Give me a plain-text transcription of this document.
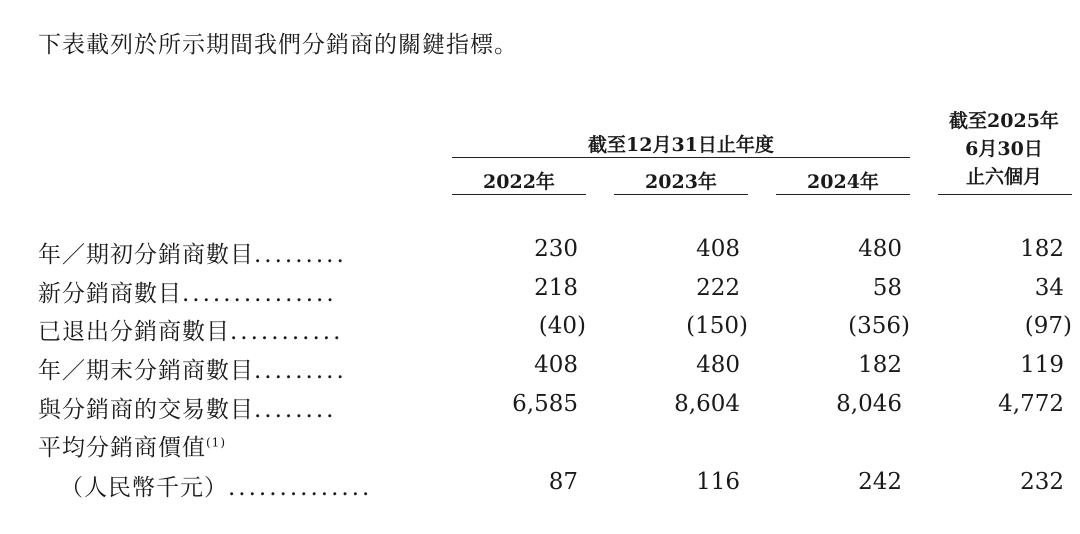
下表載列於所示期間我們分銷商的關鍵指標。
截至12月31日止年度
截至2025年
6月30日
止六個月
2022年	2023年	2024年
年／期初分銷商數目.........	230	408	480	182
新分銷商數目...............	218	222	58	34
已退出分銷商數目...........	(40)	(150)	(356)	(97)
年／期末分銷商數目.........	408	480	182	119
與分銷商的交易數目........	6,585	8,604	8,046	4,772
平均分銷商價值$^{(1)}$
（人民幣千元）..............	87	116	242	232
